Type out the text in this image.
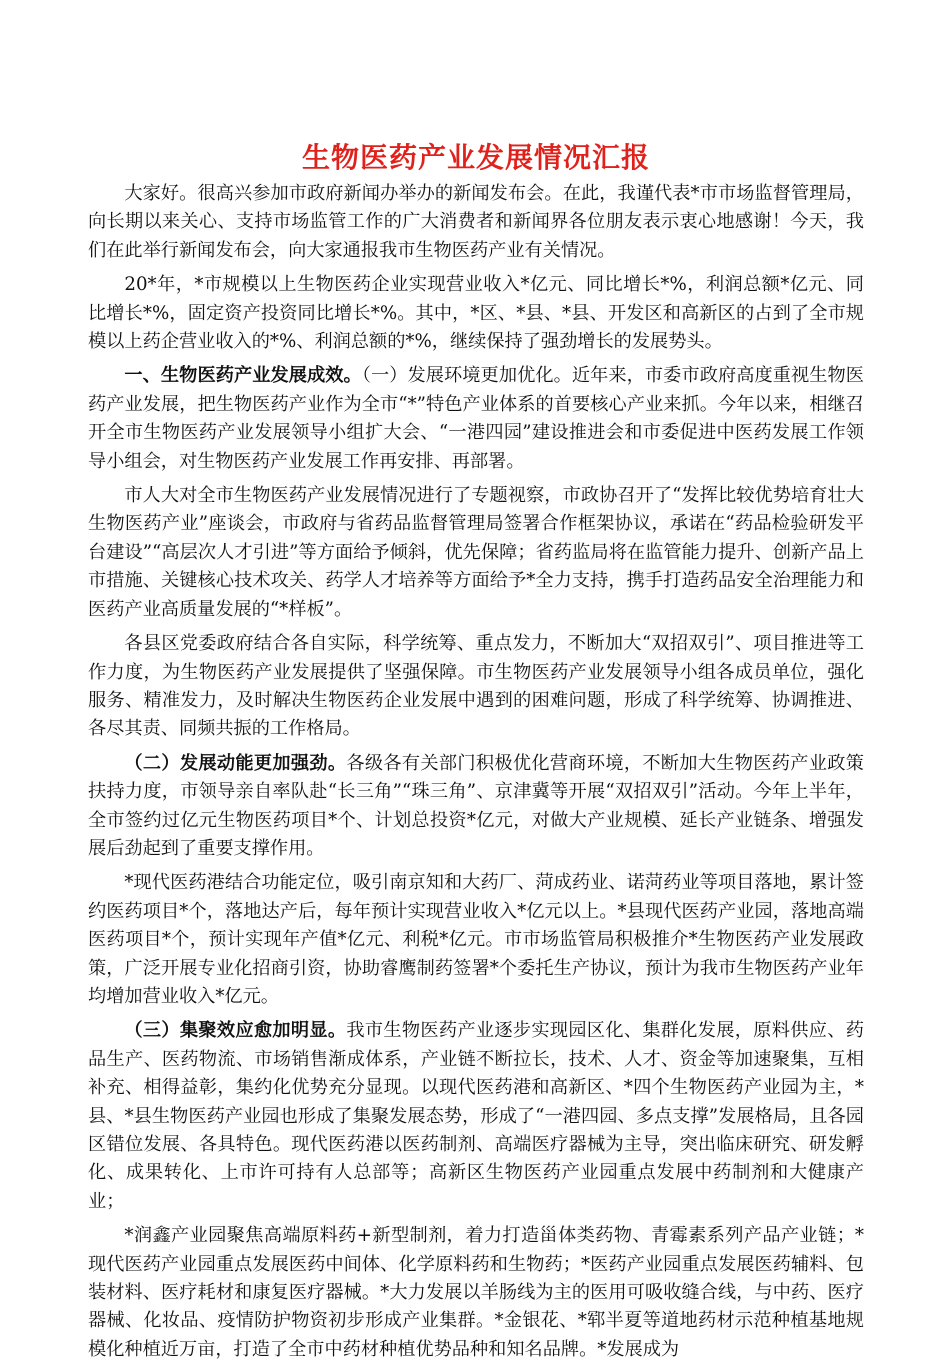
生物医药产业发展情况汇报

大家好。很高兴参加市政府新闻办举办的新闻发布会。在此，我谨代表*市市场监督管理局，向长期以来关心、支持市场监管工作的广大消费者和新闻界各位朋友表示衷心地感谢！今天，我们在此举行新闻发布会，向大家通报我市生物医药产业有关情况。

20*年，*市规模以上生物医药企业实现营业收入*亿元、同比增长*%，利润总额*亿元、同比增长*%，固定资产投资同比增长*%。其中，*区、*县、*县、开发区和高新区的占到了全市规模以上药企营业收入的*%、利润总额的*%，继续保持了强劲增长的发展势头。

一、生物医药产业发展成效。（一）发展环境更加优化。近年来，市委市政府高度重视生物医药产业发展，把生物医药产业作为全市“*”特色产业体系的首要核心产业来抓。今年以来，相继召开全市生物医药产业发展领导小组扩大会、“一港四园”建设推进会和市委促进中医药发展工作领导小组会，对生物医药产业发展工作再安排、再部署。

市人大对全市生物医药产业发展情况进行了专题视察，市政协召开了“发挥比较优势培育壮大生物医药产业”座谈会，市政府与省药品监督管理局签署合作框架协议，承诺在“药品检验研发平台建设”“高层次人才引进”等方面给予倾斜，优先保障；省药监局将在监管能力提升、创新产品上市措施、关键核心技术攻关、药学人才培养等方面给予*全力支持，携手打造药品安全治理能力和医药产业高质量发展的“*样板”。

各县区党委政府结合各自实际，科学统筹、重点发力，不断加大“双招双引”、项目推进等工作力度，为生物医药产业发展提供了坚强保障。市生物医药产业发展领导小组各成员单位，强化服务、精准发力，及时解决生物医药企业发展中遇到的困难问题，形成了科学统筹、协调推进、各尽其责、同频共振的工作格局。

（二）发展动能更加强劲。各级各有关部门积极优化营商环境，不断加大生物医药产业政策扶持力度，市领导亲自率队赴“长三角”“珠三角”、京津冀等开展“双招双引”活动。今年上半年，全市签约过亿元生物医药项目*个、计划总投资*亿元，对做大产业规模、延长产业链条、增强发展后劲起到了重要支撑作用。

*现代医药港结合功能定位，吸引南京知和大药厂、菏成药业、诺菏药业等项目落地，累计签约医药项目*个，落地达产后，每年预计实现营业收入*亿元以上。*县现代医药产业园，落地高端医药项目*个，预计实现年产值*亿元、利税*亿元。市市场监管局积极推介*生物医药产业发展政策，广泛开展专业化招商引资，协助睿鹰制药签署*个委托生产协议，预计为我市生物医药产业年均增加营业收入*亿元。

（三）集聚效应愈加明显。我市生物医药产业逐步实现园区化、集群化发展，原料供应、药品生产、医药物流、市场销售渐成体系，产业链不断拉长，技术、人才、资金等加速聚集，互相补充、相得益彰，集约化优势充分显现。以现代医药港和高新区、*四个生物医药产业园为主，*县、*县生物医药产业园也形成了集聚发展态势，形成了“一港四园、多点支撑”发展格局，且各园区错位发展、各具特色。现代医药港以医药制剂、高端医疗器械为主导，突出临床研究、研发孵化、成果转化、上市许可持有人总部等；高新区生物医药产业园重点发展中药制剂和大健康产业；

*润鑫产业园聚焦高端原料药+新型制剂，着力打造甾体类药物、青霉素系列产品产业链；*现代医药产业园重点发展医药中间体、化学原料药和生物药；*医药产业园重点发展医药辅料、包装材料、医疗耗材和康复医疗器械。*大力发展以羊肠线为主的医用可吸收缝合线，与中药、医疗器械、化妆品、疫情防护物资初步形成产业集群。*金银花、*郓半夏等道地药材示范种植基地规模化种植近万亩，打造了全市中药材种植优势品种和知名品牌。*发展成为
